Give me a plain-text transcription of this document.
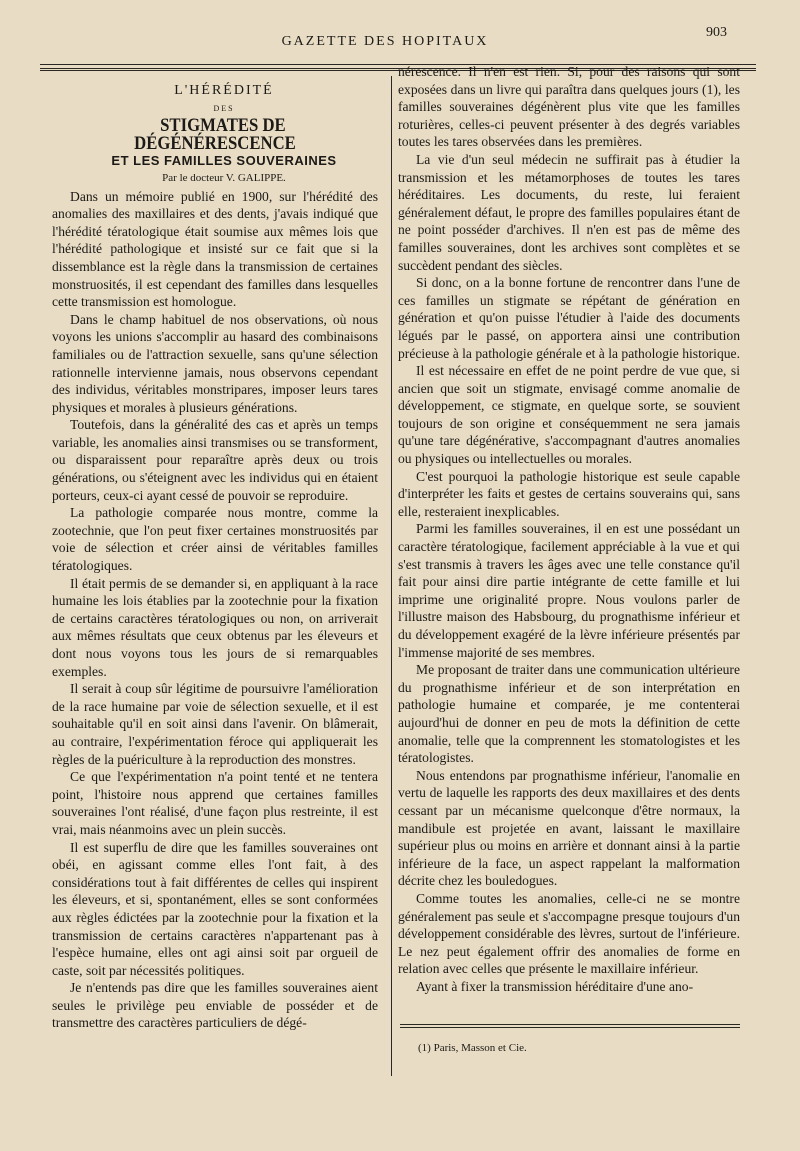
GAZETTE DES HOPITAUX
903

L'HÉRÉDITÉ

DES

STIGMATES DE DÉGÉNÉRESCENCE

ET LES FAMILLES SOUVERAINES

Par le docteur V. GALIPPE.

Dans un mémoire publié en 1900, sur l'hérédité des anomalies des maxillaires et des dents, j'avais indiqué que l'hérédité tératologique était soumise aux mêmes lois que l'hérédité pathologique et insisté sur ce fait que si la dissemblance est la règle dans la transmission de certaines monstruosités, il est cependant des familles dans lesquelles cette transmission est homologue.

Dans le champ habituel de nos observations, où nous voyons les unions s'accomplir au hasard des combinaisons familiales ou de l'attraction sexuelle, sans qu'une sélection rationnelle intervienne jamais, nous observons cependant des individus, véritables monstripares, imposer leurs tares physiques et morales à plusieurs générations.

Toutefois, dans la généralité des cas et après un temps variable, les anomalies ainsi transmises ou se transforment, ou disparaissent pour reparaître après deux ou trois générations, ou s'éteignent avec les individus qui en étaient porteurs, ceux-ci ayant cessé de pouvoir se reproduire.

La pathologie comparée nous montre, comme la zootechnie, que l'on peut fixer certaines monstruosités par voie de sélection et créer ainsi de véritables familles tératologiques.

Il était permis de se demander si, en appliquant à la race humaine les lois établies par la zootechnie pour la fixation de certains caractères tératologiques ou non, on arriverait aux mêmes résultats que ceux obtenus par les éleveurs et dont nous voyons tous les jours de si remarquables exemples.

Il serait à coup sûr légitime de poursuivre l'amélioration de la race humaine par voie de sélection sexuelle, et il est souhaitable qu'il en soit ainsi dans l'avenir. On blâmerait, au contraire, l'expérimentation féroce qui appliquerait les règles de la puériculture à la reproduction des monstres.

Ce que l'expérimentation n'a point tenté et ne tentera point, l'histoire nous apprend que certaines familles souveraines l'ont réalisé, d'une façon plus restreinte, il est vrai, mais néanmoins avec un plein succès.

Il est superflu de dire que les familles souveraines ont obéi, en agissant comme elles l'ont fait, à des considérations tout à fait différentes de celles qui inspirent les éleveurs, et si, spontanément, elles se sont conformées aux règles édictées par la zootechnie pour la fixation et la transmission de certains caractères n'appartenant pas à l'espèce humaine, elles ont agi ainsi soit par orgueil de caste, soit par nécessités politiques.

Je n'entends pas dire que les familles souveraines aient seules le privilège peu enviable de posséder et de transmettre des caractères particuliers de dégé-

nérescence. Il n'en est rien. Si, pour des raisons qui sont exposées dans un livre qui paraîtra dans quelques jours (1), les familles souveraines dégénèrent plus vite que les familles roturières, celles-ci peuvent présenter à des degrés variables toutes les tares observées dans les premières.

La vie d'un seul médecin ne suffirait pas à étudier la transmission et les métamorphoses de toutes les tares héréditaires. Les documents, du reste, lui feraient généralement défaut, le propre des familles populaires étant de ne point posséder d'archives. Il n'en est pas de même des familles souveraines, dont les archives sont complètes et se succèdent pendant des siècles.

Si donc, on a la bonne fortune de rencontrer dans l'une de ces familles un stigmate se répétant de génération en génération et qu'on puisse l'étudier à l'aide des documents légués par le passé, on apportera ainsi une contribution précieuse à la pathologie générale et à la pathologie historique.

Il est nécessaire en effet de ne point perdre de vue que, si ancien que soit un stigmate, envisagé comme anomalie de développement, ce stigmate, en quelque sorte, se souvient toujours de son origine et conséquemment ne sera jamais qu'une tare dégénérative, s'accompagnant d'autres anomalies ou physiques ou intellectuelles ou morales.

C'est pourquoi la pathologie historique est seule capable d'interpréter les faits et gestes de certains souverains qui, sans elle, resteraient inexplicables.

Parmi les familles souveraines, il en est une possédant un caractère tératologique, facilement appréciable à la vue et qui s'est transmis à travers les âges avec une telle constance qu'il fait pour ainsi dire partie intégrante de cette famille et lui imprime une originalité propre. Nous voulons parler de l'illustre maison des Habsbourg, du prognathisme inférieur et du développement exagéré de la lèvre inférieure présentés par l'immense majorité de ses membres.

Me proposant de traiter dans une communication ultérieure du prognathisme inférieur et de son interprétation en pathologie humaine et comparée, je me contenterai aujourd'hui de donner en peu de mots la définition de cette anomalie, telle que la comprennent les stomatologistes et les tératologistes.

Nous entendons par prognathisme inférieur, l'anomalie en vertu de laquelle les rapports des deux maxillaires et des dents cessant par un mécanisme quelconque d'être normaux, la mandibule est projetée en avant, laissant le maxillaire supérieur plus ou moins en arrière et donnant ainsi à la partie inférieure de la face, un aspect rappelant la malformation décrite chez les bouledogues.

Comme toutes les anomalies, celle-ci ne se montre généralement pas seule et s'accompagne presque toujours d'un développement considérable des lèvres, surtout de l'inférieure. Le nez peut également offrir des anomalies de forme en relation avec celles que présente le maxillaire inférieur.

Ayant à fixer la transmission héréditaire d'une ano-

(1) Paris, Masson et Cie.
